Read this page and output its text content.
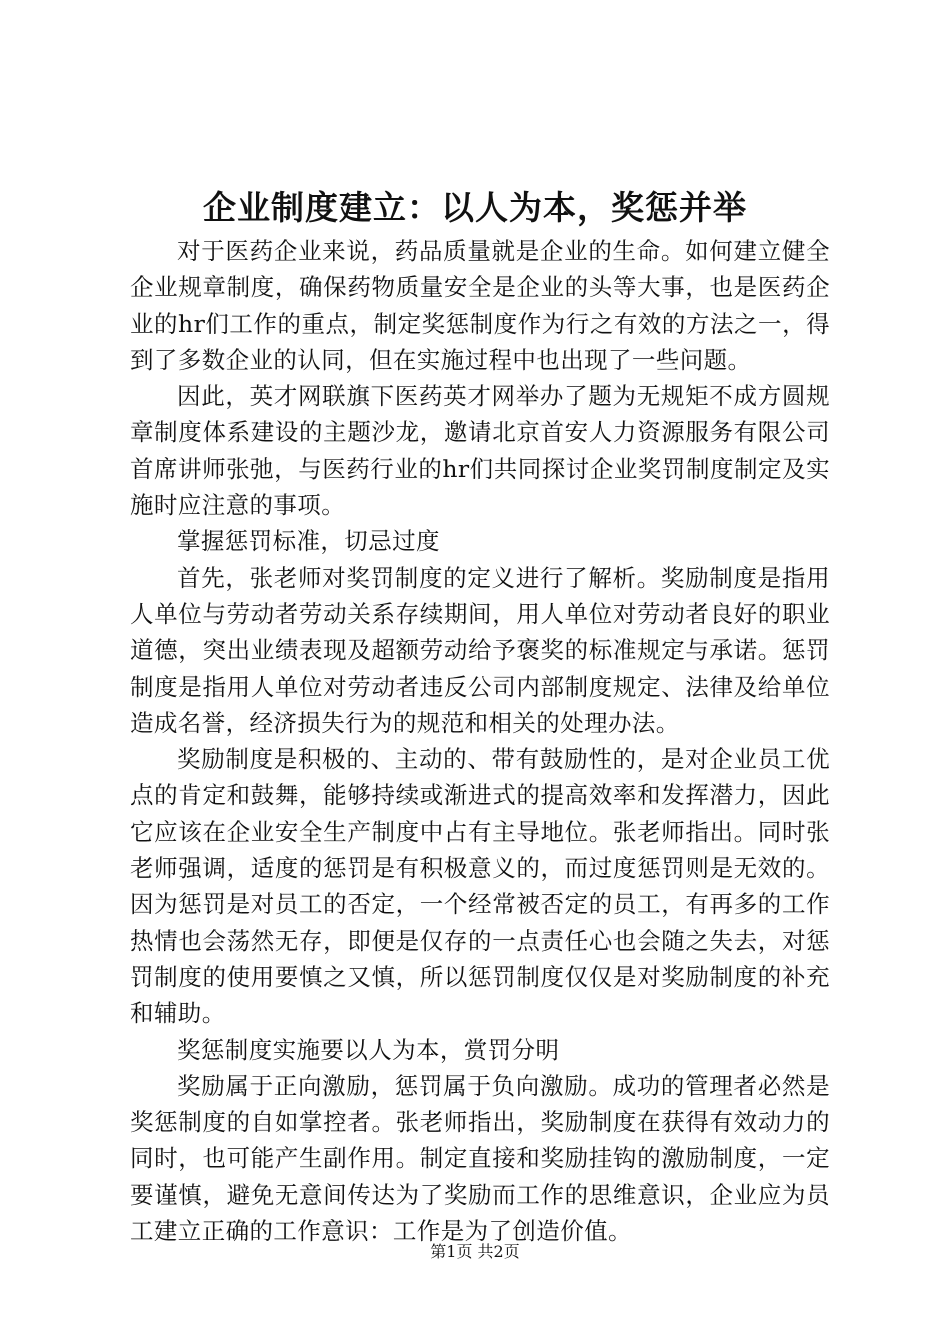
企业制度建立：以人为本，奖惩并举

对于医药企业来说，药品质量就是企业的生命。如何建立健全企业规章制度，确保药物质量安全是企业的头等大事，也是医药企业的hr们工作的重点，制定奖惩制度作为行之有效的方法之一，得到了多数企业的认同，但在实施过程中也出现了一些问题。

因此，英才网联旗下医药英才网举办了题为无规矩不成方圆规章制度体系建设的主题沙龙，邀请北京首安人力资源服务有限公司首席讲师张弛，与医药行业的hr们共同探讨企业奖罚制度制定及实施时应注意的事项。

掌握惩罚标准，切忌过度

首先，张老师对奖罚制度的定义进行了解析。奖励制度是指用人单位与劳动者劳动关系存续期间，用人单位对劳动者良好的职业道德，突出业绩表现及超额劳动给予褒奖的标准规定与承诺。惩罚制度是指用人单位对劳动者违反公司内部制度规定、法律及给单位造成名誉，经济损失行为的规范和相关的处理办法。

奖励制度是积极的、主动的、带有鼓励性的，是对企业员工优点的肯定和鼓舞，能够持续或渐进式的提高效率和发挥潜力，因此它应该在企业安全生产制度中占有主导地位。张老师指出。同时张老师强调，适度的惩罚是有积极意义的，而过度惩罚则是无效的。因为惩罚是对员工的否定，一个经常被否定的员工，有再多的工作热情也会荡然无存，即便是仅存的一点责任心也会随之失去，对惩罚制度的使用要慎之又慎，所以惩罚制度仅仅是对奖励制度的补充和辅助。

奖惩制度实施要以人为本，赏罚分明

奖励属于正向激励，惩罚属于负向激励。成功的管理者必然是奖惩制度的自如掌控者。张老师指出，奖励制度在获得有效动力的同时，也可能产生副作用。制定直接和奖励挂钩的激励制度，一定要谨慎，避免无意间传达为了奖励而工作的思维意识，企业应为员工建立正确的工作意识：工作是为了创造价值。

第1页 共2页
